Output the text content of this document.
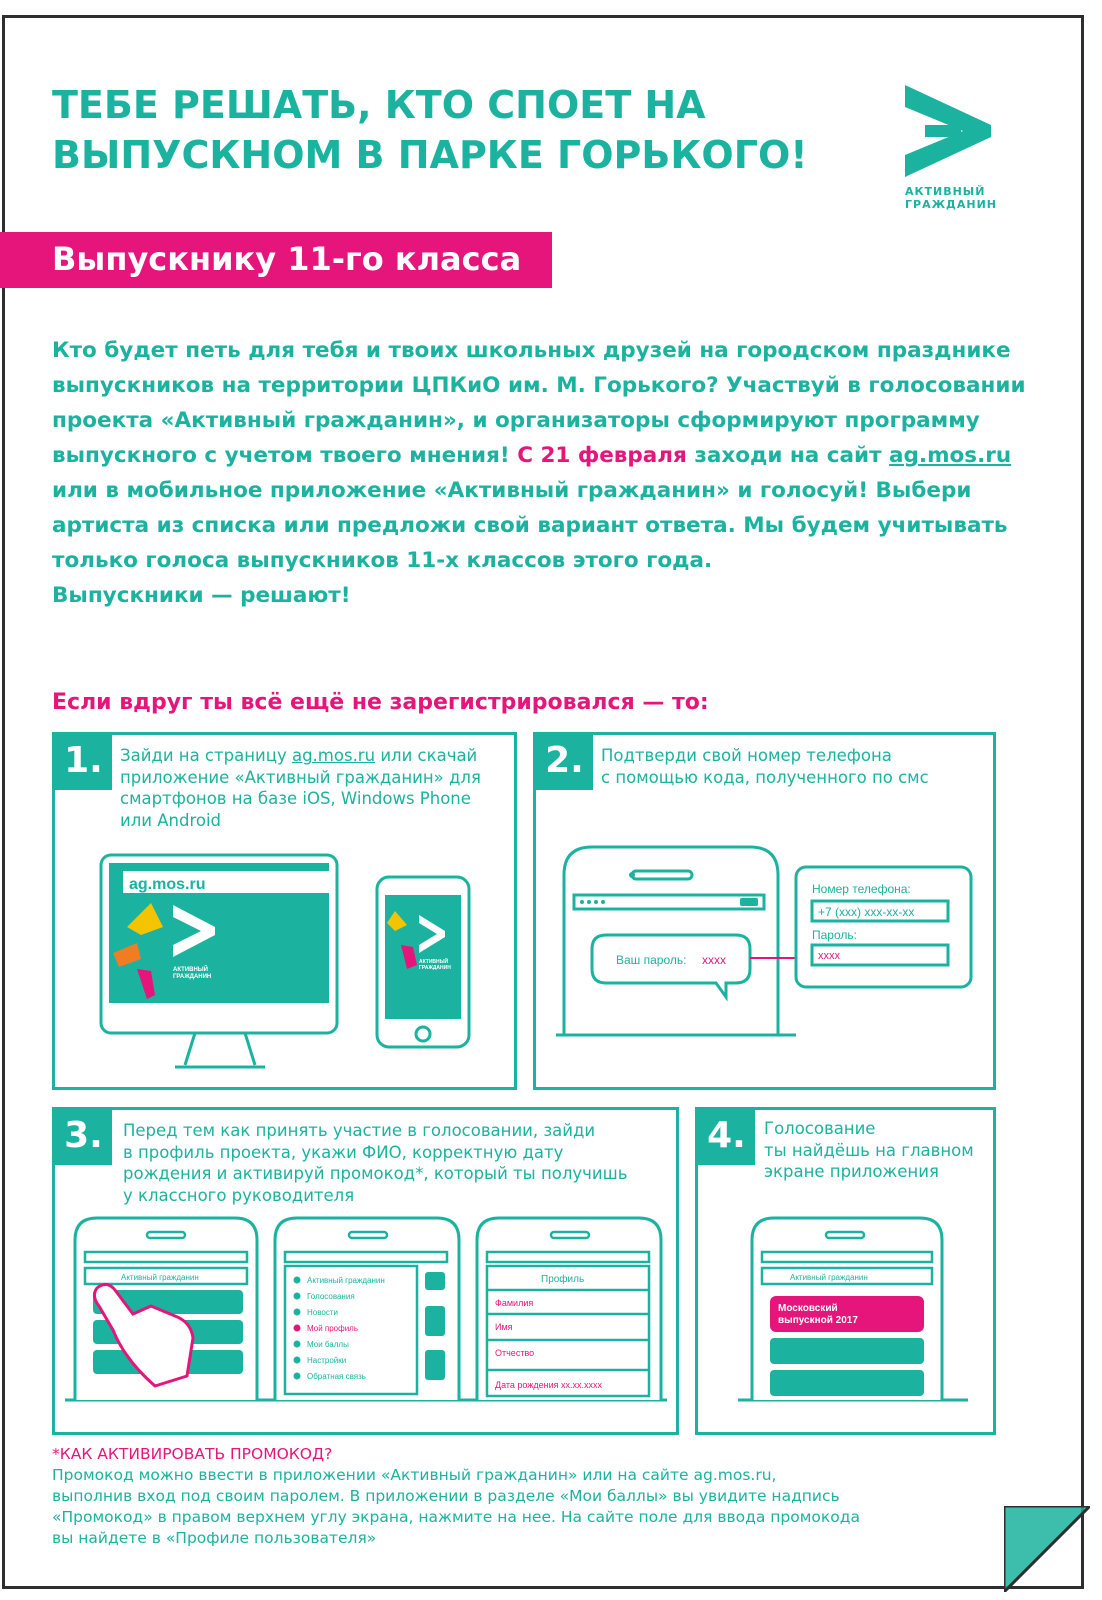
ТЕБЕ РЕШАТЬ, КТО СПОЕТ НА
ВЫПУСКНОМ В ПАРКЕ ГОРЬКОГО!
АКТИВНЫЙ
ГРАЖДАНИН
Выпускнику 11-го класса
Кто будет петь для тебя и твоих школьных друзей на городском празднике выпускников на территории ЦПКиО им. М. Горького? Участвуй в голосовании проекта «Активный гражданин», и организаторы сформируют программу выпускного с учетом твоего мнения! С 21 февраля заходи на сайт ag.mos.ru или в мобильное приложение «Активный гражданин» и голосуй! Выбери артиста из списка или предложи свой вариант ответа. Мы будем учитывать только голоса выпускников 11-х классов этого года.
Выпускники — решают!
Если вдруг ты всё ещё не зарегистрировался — то:
1.	Зайди на страницу ag.mos.ru или скачай приложение «Активный гражданин» для смартфонов на базе iOS, Windows Phone или Android
ag.mos.ru
АКТИВНЫЙ
ГРАЖДАНИН
АКТИВНЫЙ
ГРАЖДАНИН
2.	Подтверди свой номер телефона
с помощью кода, полученного по смс
Ваш пароль: хххх
Номер телефона:
+7 (ххх) ххх-хх-хх
Пароль:
хххх
3.	Перед тем как принять участие в голосовании, зайди
в профиль проекта, укажи ФИО, корректную дату
рождения и активируй промокод*, который ты получишь
у классного руководителя
Активный гражданин	Активный гражданин
Голосования
Новости
Мой профиль
Мои баллы
Настройки
Обратная связь
Профиль
Фамилия
Имя
Отчество
Дата рождения хх.хх.хххх
4.	Голосование
ты найдёшь на главном
экране приложения
Активный гражданин
Московский
выпускной 2017
*КАК АКТИВИРОВАТЬ ПРОМОКОД?
Промокод можно ввести в приложении «Активный гражданин» или на сайте ag.mos.ru,
выполнив вход под своим паролем. В приложении в разделе «Мои баллы» вы увидите надпись
«Промокод» в правом верхнем углу экрана, нажмите на нее. На сайте поле для ввода промокода
вы найдете в «Профиле пользователя»
